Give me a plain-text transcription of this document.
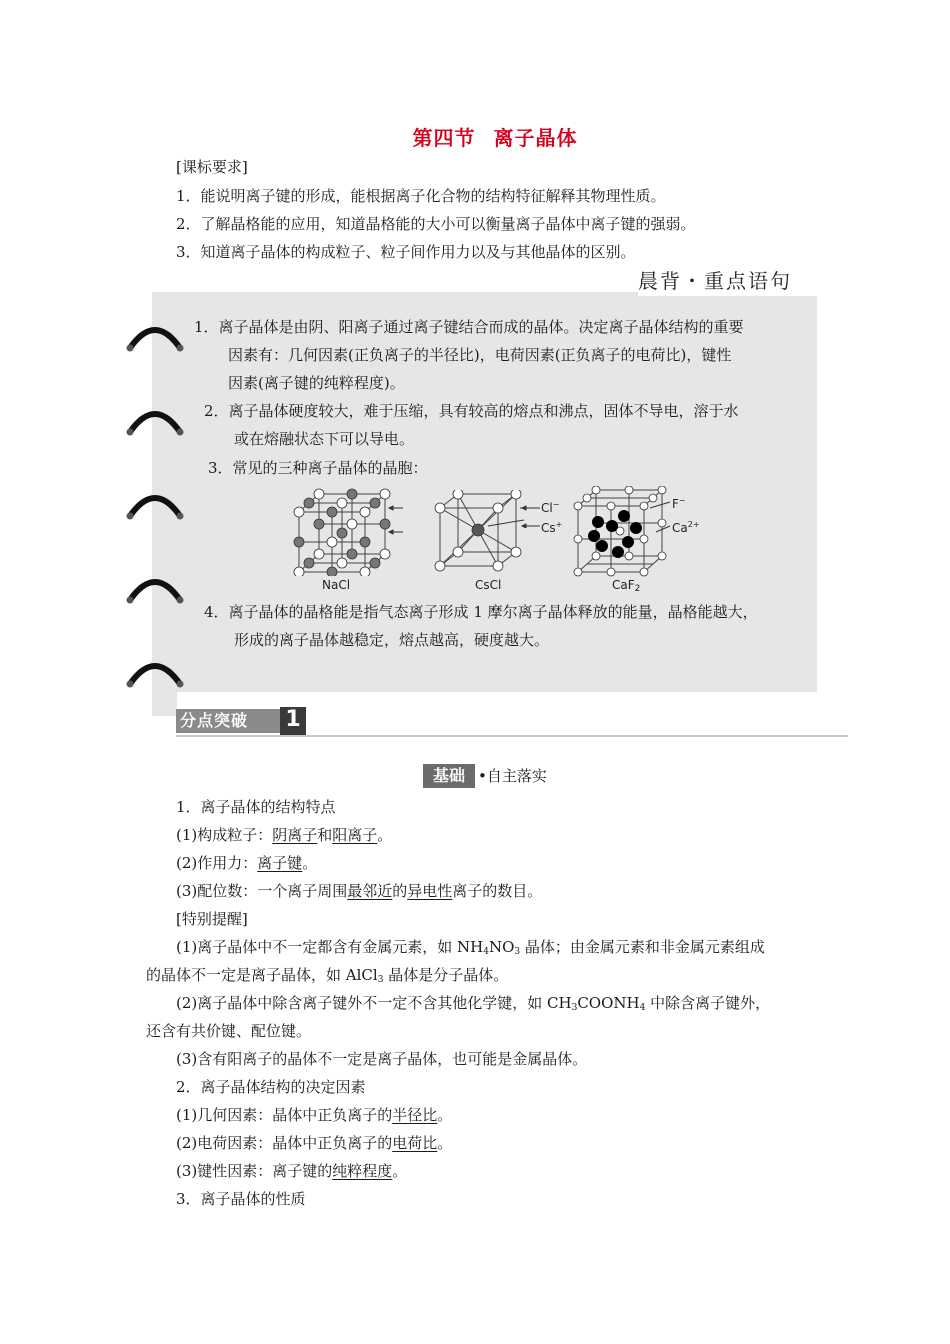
第四节 离子晶体
[课标要求]
1．能说明离子键的形成，能根据离子化合物的结构特征解释其物理性质。
2．了解晶格能的应用，知道晶格能的大小可以衡量离子晶体中离子键的强弱。
3．知道离子晶体的构成粒子、粒子间作用力以及与其他晶体的区别。
晨背・重点语句
1．离子晶体是由阴、阳离子通过离子键结合而成的晶体。决定离子晶体结构的重要
因素有：几何因素(正负离子的半径比)，电荷因素(正负离子的电荷比)，键性
因素(离子键的纯粹程度)。
2．离子晶体硬度较大，难于压缩，具有较高的熔点和沸点，固体不导电，溶于水
或在熔融状态下可以导电。
3．常见的三种离子晶体的晶胞：
NaCl
Cl−
Cs+
CsCl
F−
$Ca^{2+}$
CaF$_2$
4．离子晶体的晶格能是指气态离子形成 1 摩尔离子晶体释放的能量，晶格能越大，
形成的离子晶体越稳定，熔点越高，硬度越大。
分点突破	1
基础 •自主落实
1．离子晶体的结构特点
(1)构成粒子：阴离子和阳离子。
(2)作用力：离子键。
(3)配位数：一个离子周围最邻近的异电性离子的数目。
[特别提醒]
(1)离子晶体中不一定都含有金属元素，如 $NH_4NO_3$ 晶体；由金属元素和非金属元素组成
的晶体不一定是离子晶体，如 AlCl$_3$ 晶体是分子晶体。
(2)离子晶体中除含离子键外不一定不含其他化学键，如 $CH_3COONH_4$ 中除含离子键外，
还含有共价键、配位键。
(3)含有阳离子的晶体不一定是离子晶体，也可能是金属晶体。
2．离子晶体结构的决定因素
(1)几何因素：晶体中正负离子的半径比。
(2)电荷因素：晶体中正负离子的电荷比。
(3)键性因素：离子键的纯粹程度。
3．离子晶体的性质
